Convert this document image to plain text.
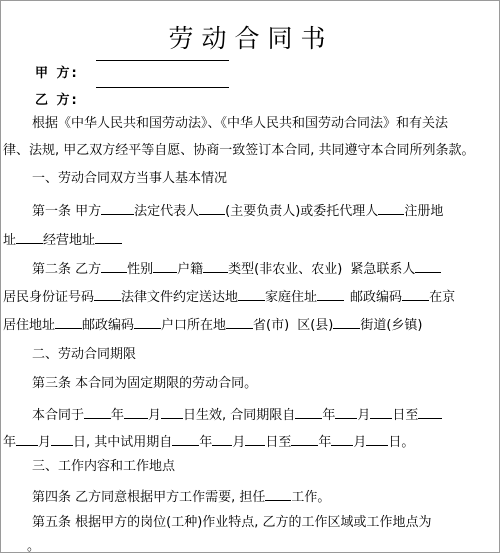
劳动合同书
甲 方:
乙 方:
根据《中华人民共和国劳动法》、《中华人民共和国劳动合同法》和有关法
律、法规, 甲乙双方经平等自愿、协商一致签订本合同, 共同遵守本合同所列条款。
一、劳动合同双方当事人基本情况
第一条 甲方	法定代表人 (主要负责人)或委托代理人 注册地
址 经营地址
第二条 乙方 性别 户籍 类型(非农业、农业) 紧急联系人
居民身份证号码 法律文件约定送达地 家庭住址	邮政编码 在京
居住地址 邮政编码 户口所在地 省(市) 区(县) 街道(乡镇)
二、劳动合同期限
第三条 本合同为固定期限的劳动合同。
本合同于 年 月 日生效, 合同期限自 年 月 日至
年 月 日, 其中试用期自 年 月 日至 年 月 日。
三、工作内容和工作地点
第四条 乙方同意根据甲方工作需要, 担任 工作。
第五条 根据甲方的岗位(工种)作业特点, 乙方的工作区域或工作地点为
。
